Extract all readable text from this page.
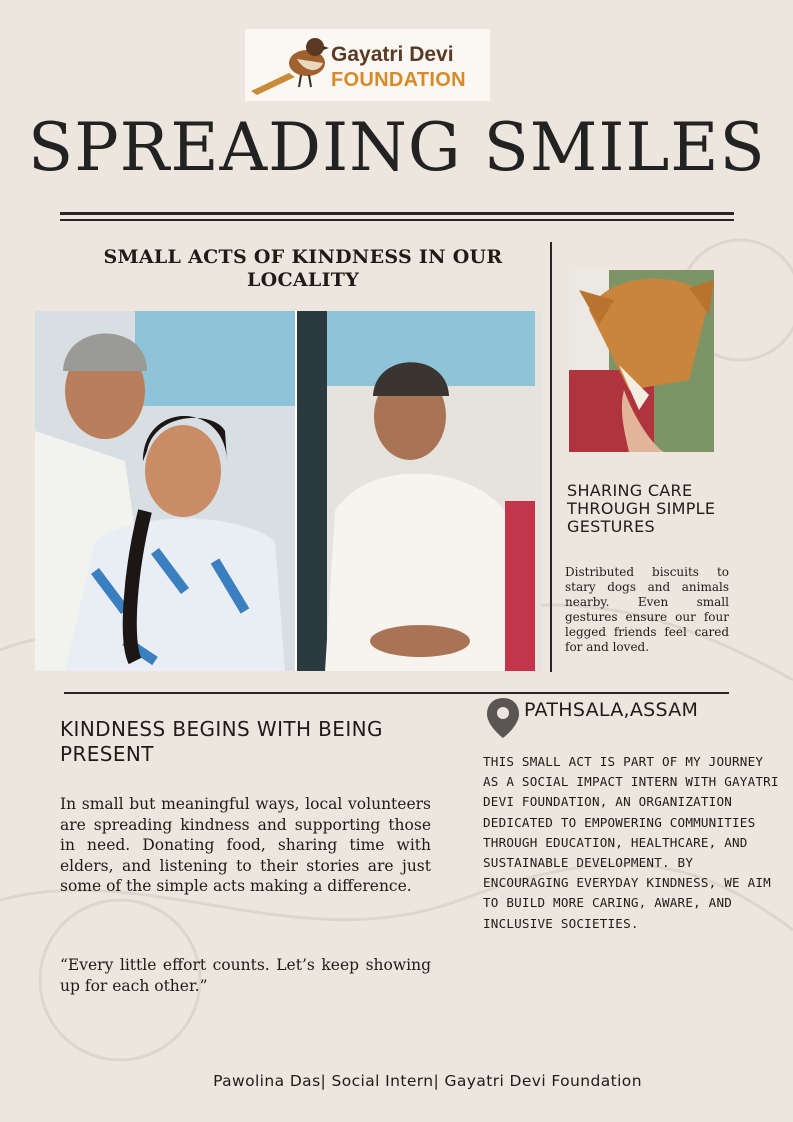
Gayatri Devi
FOUNDATION
SPREADING SMILES
SMALL ACTS OF KINDNESS IN OUR LOCALITY
SHARING CARE THROUGH SIMPLE GESTURES
Distributed biscuits to stary dogs and animals nearby. Even small gestures ensure our four legged friends feel cared for and loved.
KINDNESS BEGINS WITH BEING PRESENT
In small but meaningful ways, local volunteers are spreading kindness and supporting those in need. Donating food, sharing time with elders, and listening to their stories are just some of the simple acts making a difference.
“Every little effort counts. Let’s keep showing up for each other.”
PATHSALA,ASSAM
THIS SMALL ACT IS PART OF MY JOURNEY AS A SOCIAL IMPACT INTERN WITH GAYATRI DEVI FOUNDATION, AN ORGANIZATION DEDICATED TO EMPOWERING COMMUNITIES THROUGH EDUCATION, HEALTHCARE, AND SUSTAINABLE DEVELOPMENT. BY ENCOURAGING EVERYDAY KINDNESS, WE AIM TO BUILD MORE CARING, AWARE, AND INCLUSIVE SOCIETIES.
Pawolina Das| Social Intern| Gayatri Devi Foundation
